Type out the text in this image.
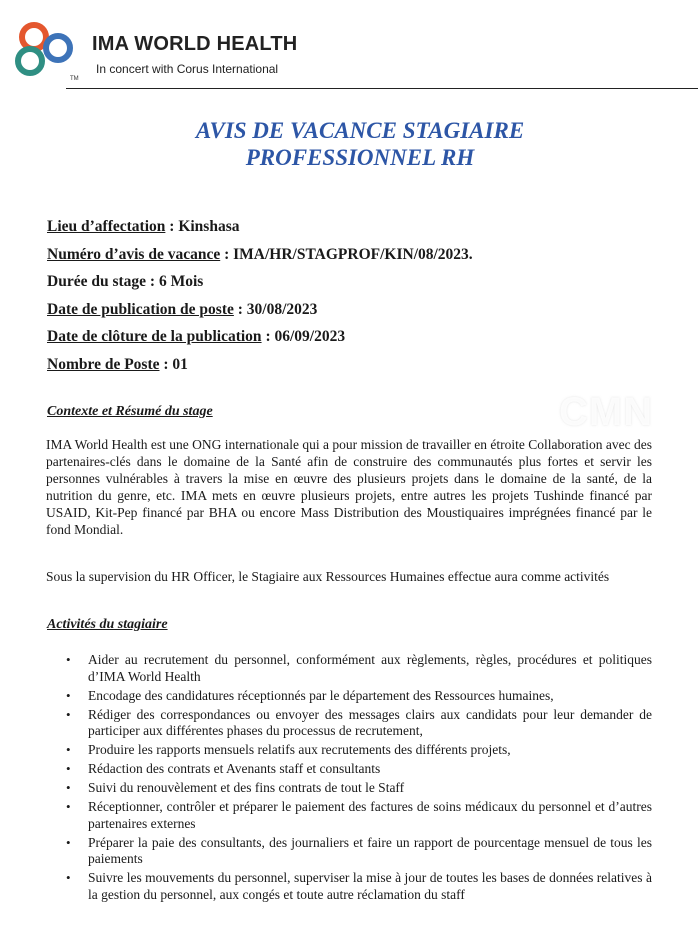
TM
IMA WORLD HEALTH
In concert with Corus International
AVIS DE VACANCE STAGIAIRE
PROFESSIONNEL RH
Lieu d’affectation : Kinshasa
Numéro d’avis de vacance : IMA/HR/STAGPROF/KIN/08/2023.
Durée du stage : 6 Mois
Date de publication de poste : 30/08/2023
Date de clôture de la publication : 06/09/2023
Nombre de Poste : 01
Contexte et Résumé du stage

IMA World Health est une ONG internationale qui a pour mission de travailler en étroite Collaboration avec des partenaires-clés dans le domaine de la Santé afin de construire des communautés plus fortes et servir les personnes vulnérables à travers la mise en œuvre des plusieurs projets dans le domaine de la santé, de la nutrition du genre, etc. IMA mets en œuvre plusieurs projets, entre autres les projets Tushinde financé par USAID, Kit-Pep financé par BHA ou encore Mass Distribution des Moustiquaires imprégnées financé par le fond Mondial.

Sous la supervision du HR Officer, le Stagiaire aux Ressources Humaines effectue aura comme activités

Activités du stagiaire
• Aider au recrutement du personnel, conformément aux règlements, règles, procédures et politiques d’IMA World Health
• Encodage des candidatures réceptionnés par le département des Ressources humaines,
• Rédiger des correspondances ou envoyer des messages clairs aux candidats pour leur demander de participer aux différentes phases du processus de recrutement,
• Produire les rapports mensuels relatifs aux recrutements des différents projets,
• Rédaction des contrats et Avenants staff et consultants
• Suivi du renouvèlement et des fins contrats de tout le Staff
• Réceptionner, contrôler et préparer le paiement des factures de soins médicaux du personnel et d’autres partenaires externes
• Préparer la paie des consultants, des journaliers et faire un rapport de pourcentage mensuel de tous les paiements
• Suivre les mouvements du personnel, superviser la mise à jour de toutes les bases de données relatives à la gestion du personnel, aux congés et toute autre réclamation du staff
CMN
